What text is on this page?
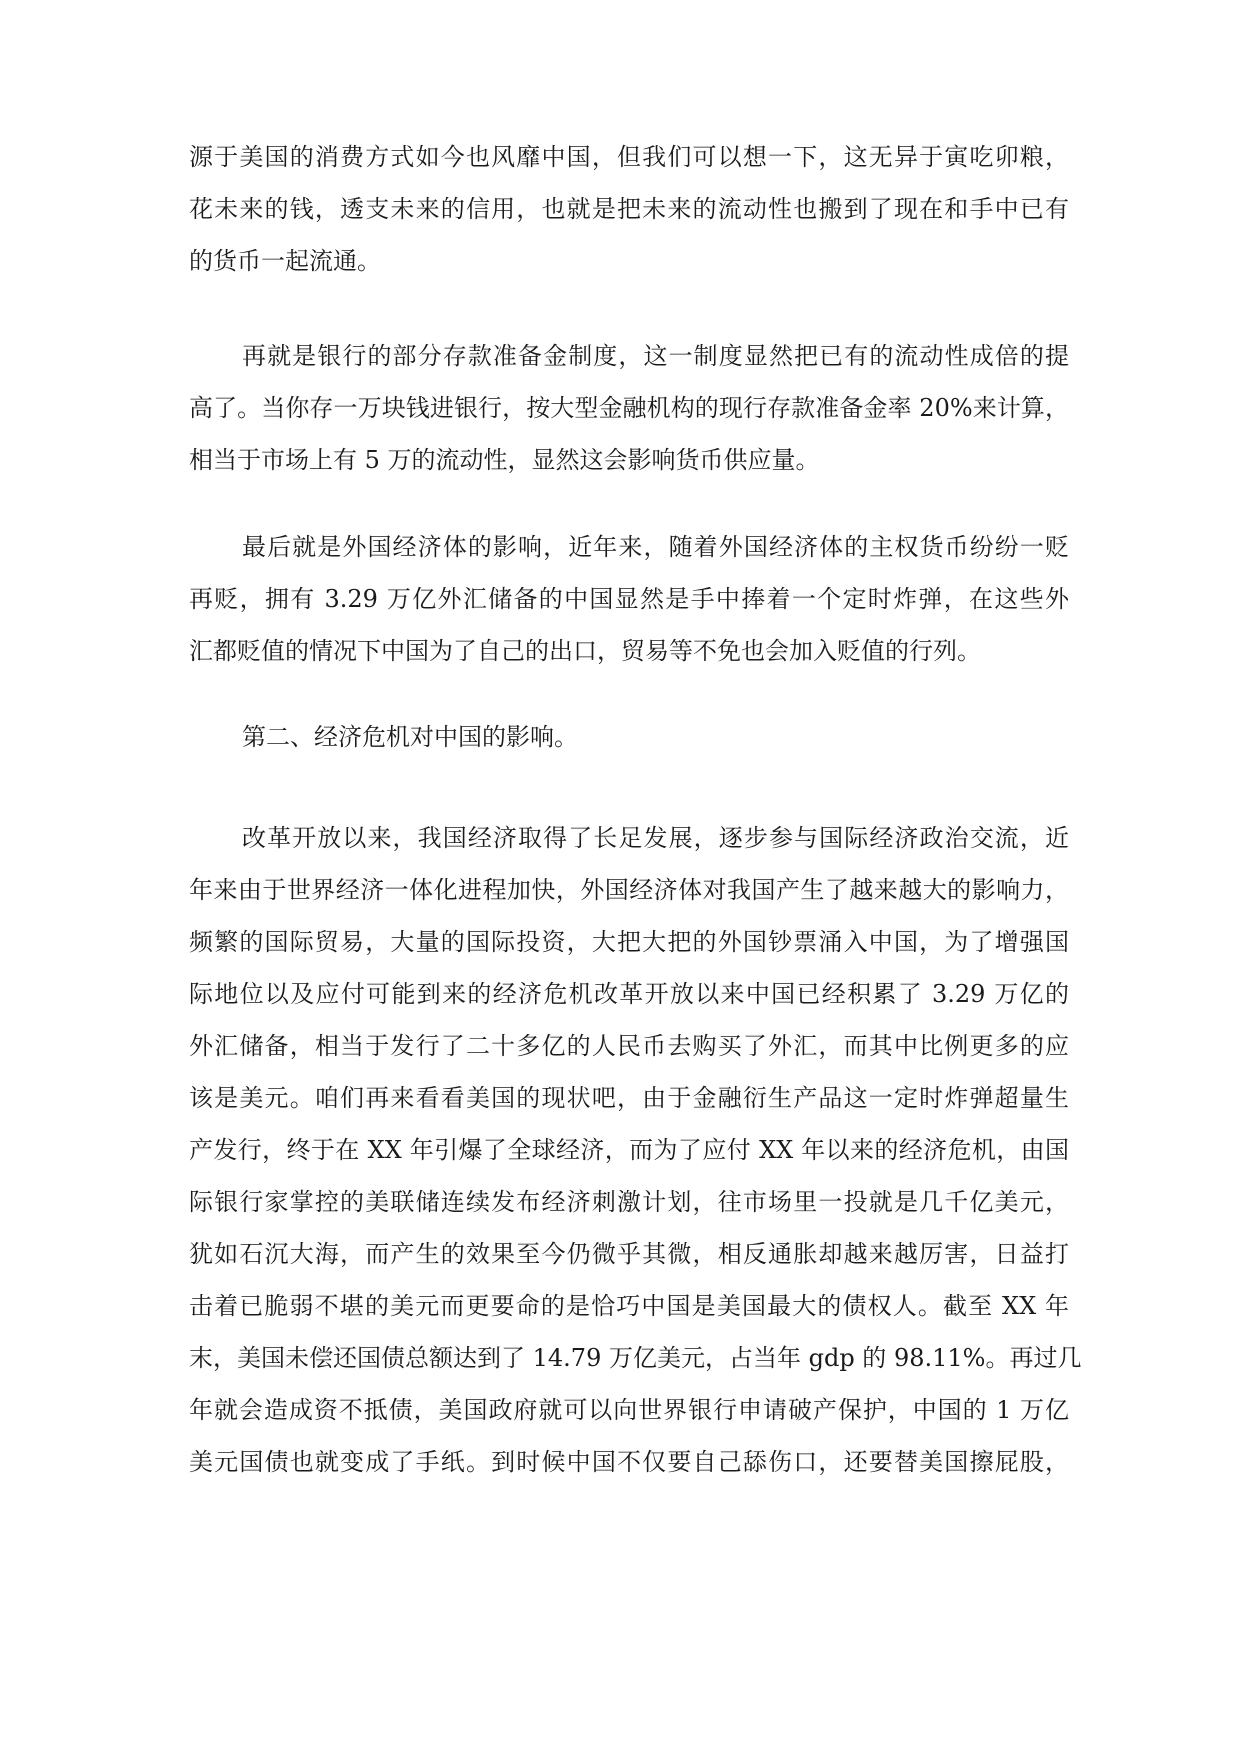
源于美国的消费方式如今也风靡中国，但我们可以想一下，这无异于寅吃卯粮，
花未来的钱，透支未来的信用，也就是把未来的流动性也搬到了现在和手中已有
的货币一起流通。
再就是银行的部分存款准备金制度，这一制度显然把已有的流动性成倍的提
高了。当你存一万块钱进银行，按大型金融机构的现行存款准备金率 20%来计算，
相当于市场上有 5 万的流动性，显然这会影响货币供应量。
最后就是外国经济体的影响，近年来，随着外国经济体的主权货币纷纷一贬
再贬，拥有 3.29 万亿外汇储备的中国显然是手中捧着一个定时炸弹，在这些外
汇都贬值的情况下中国为了自己的出口，贸易等不免也会加入贬值的行列。
第二、经济危机对中国的影响。
改革开放以来，我国经济取得了长足发展，逐步参与国际经济政治交流，近
年来由于世界经济一体化进程加快，外国经济体对我国产生了越来越大的影响力，
频繁的国际贸易，大量的国际投资，大把大把的外国钞票涌入中国，为了增强国
际地位以及应付可能到来的经济危机改革开放以来中国已经积累了 3.29 万亿的
外汇储备，相当于发行了二十多亿的人民币去购买了外汇，而其中比例更多的应
该是美元。咱们再来看看美国的现状吧，由于金融衍生产品这一定时炸弹超量生
产发行，终于在 XX 年引爆了全球经济，而为了应付 XX 年以来的经济危机，由国
际银行家掌控的美联储连续发布经济刺激计划，往市场里一投就是几千亿美元，
犹如石沉大海，而产生的效果至今仍微乎其微，相反通胀却越来越厉害，日益打
击着已脆弱不堪的美元而更要命的是恰巧中国是美国最大的债权人。截至 XX 年
末，美国未偿还国债总额达到了 14.79 万亿美元，占当年 gdp 的 98.11%。再过几
年就会造成资不抵债，美国政府就可以向世界银行申请破产保护，中国的 1 万亿
美元国债也就变成了手纸。到时候中国不仅要自己舔伤口，还要替美国擦屁股，
